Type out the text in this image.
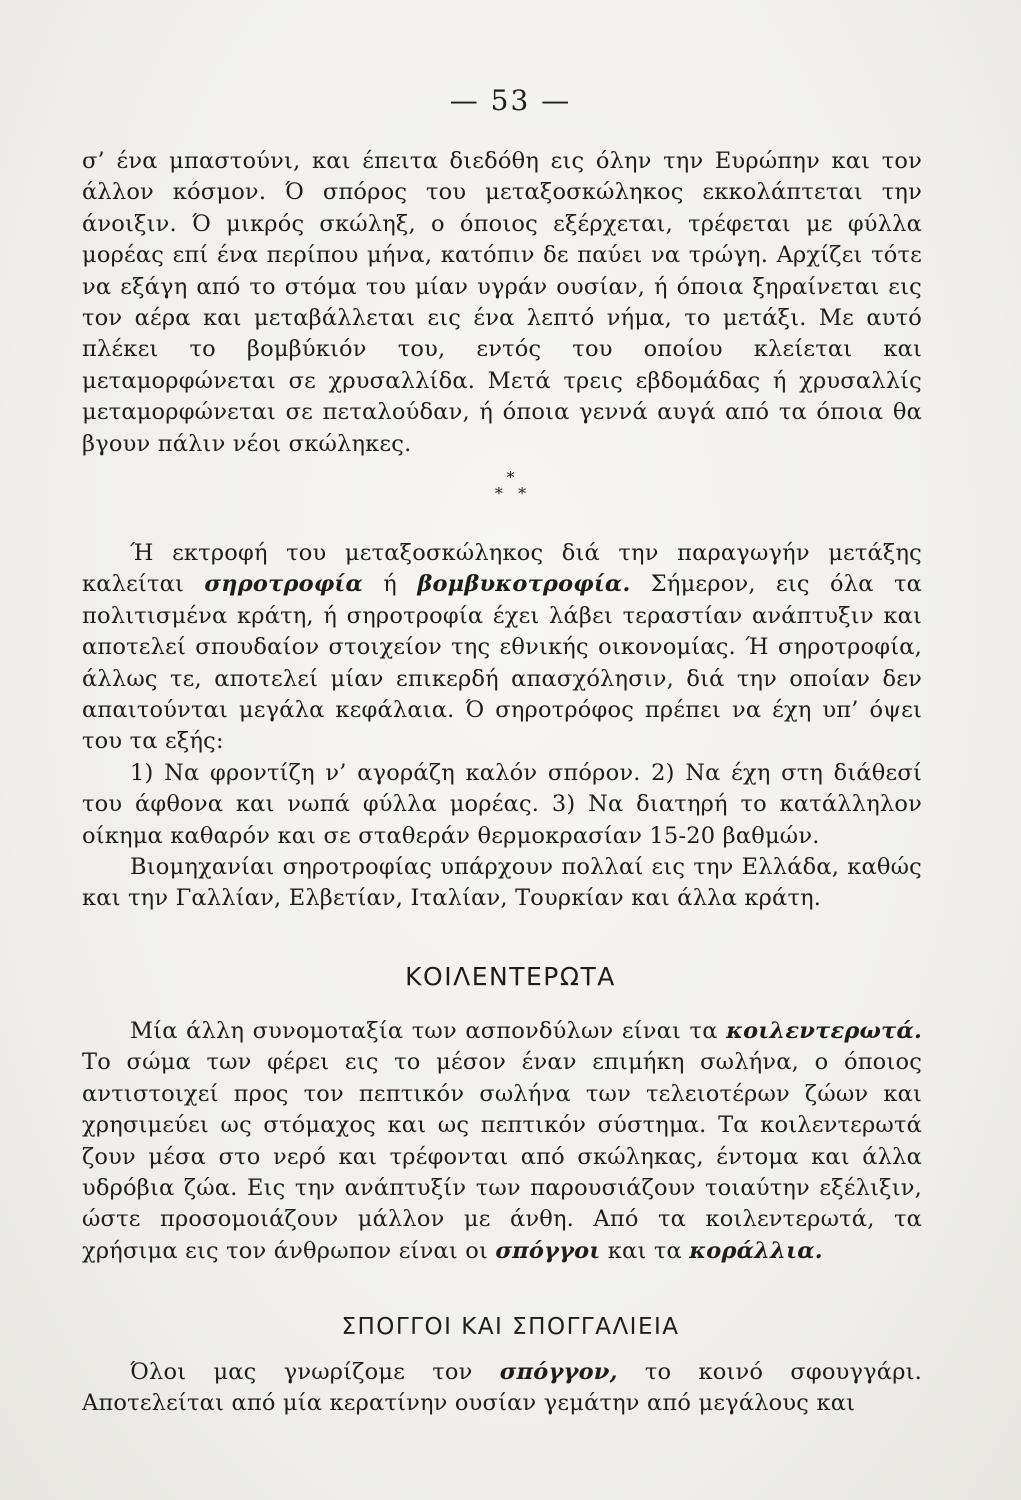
— 53 —

σ’ ένα μπαστούνι, και έπειτα διεδόθη εις όλην την Ευρώπην και τον άλλον κόσμον. Ό σπόρος του μεταξοσκώληκος εκκολάπτεται την άνοιξιν. Ό μικρός σκώληξ, ο όποιος εξέρχεται, τρέφεται με φύλλα μορέας επί ένα περίπου μήνα, κατόπιν δε παύει να τρώγη. Αρχίζει τότε να εξάγη από το στόμα του μίαν υγράν ουσίαν, ή όποια ξηραίνεται εις τον αέρα και μεταβάλλεται εις ένα λεπτό νήμα, το μετάξι. Με αυτό πλέκει το βομβύκιόν του, εντός του οποίου κλείεται και μεταμορφώνεται σε χρυσαλλίδα. Μετά τρεις εβδομάδας ή χρυσαλλίς μεταμορφώνεται σε πεταλούδαν, ή όποια γεννά αυγά από τα όποια θα βγουν πάλιν νέοι σκώληκες.

*
* *

Ή εκτροφή του μεταξοσκώληκος διά την παραγωγήν μετάξης καλείται σηροτροφία ή βομβυκοτροφία. Σήμερον, εις όλα τα πολιτισμένα κράτη, ή σηροτροφία έχει λάβει τεραστίαν ανάπτυξιν και αποτελεί σπουδαίον στοιχείον της εθνικής οικονομίας. Ή σηροτροφία, άλλως τε, αποτελεί μίαν επικερδή απασχόλησιν, διά την οποίαν δεν απαιτούνται μεγάλα κεφάλαια. Ό σηροτρόφος πρέπει να έχη υπ’ όψει του τα εξής:

1) Να φροντίζη ν’ αγοράζη καλόν σπόρον. 2) Να έχη στη διάθεσί του άφθονα και νωπά φύλλα μορέας. 3) Να διατηρή το κατάλληλον οίκημα καθαρόν και σε σταθεράν θερμοκρασίαν 15-20 βαθμών.

Βιομηχανίαι σηροτροφίας υπάρχουν πολλαί εις την Ελλάδα, καθώς και την Γαλλίαν, Ελβετίαν, Ιταλίαν, Τουρκίαν και άλλα κράτη.

ΚΟΙΛΕΝΤΕΡΩΤΑ

Μία άλλη συνομοταξία των ασπονδύλων είναι τα κοιλεντερωτά. Το σώμα των φέρει εις το μέσον έναν επιμήκη σωλήνα, ο όποιος αντιστοιχεί προς τον πεπτικόν σωλήνα των τελειοτέρων ζώων και χρησιμεύει ως στόμαχος και ως πεπτικόν σύστημα. Τα κοιλεντερωτά ζουν μέσα στο νερό και τρέφονται από σκώληκας, έντομα και άλλα υδρόβια ζώα. Εις την ανάπτυξίν των παρουσιάζουν τοιαύτην εξέλιξιν, ώστε προσομοιάζουν μάλλον με άνθη. Από τα κοιλεντερωτά, τα χρήσιμα εις τον άνθρωπον είναι οι σπόγγοι και τα κοράλλια.

ΣΠΟΓΓΟΙ ΚΑΙ ΣΠΟΓΓΑΛΙΕΙΑ

Όλοι μας γνωρίζομε τον σπόγγον, το κοινό σφουγγάρι. Αποτελείται από μία κερατίνην ουσίαν γεμάτην από μεγάλους και
